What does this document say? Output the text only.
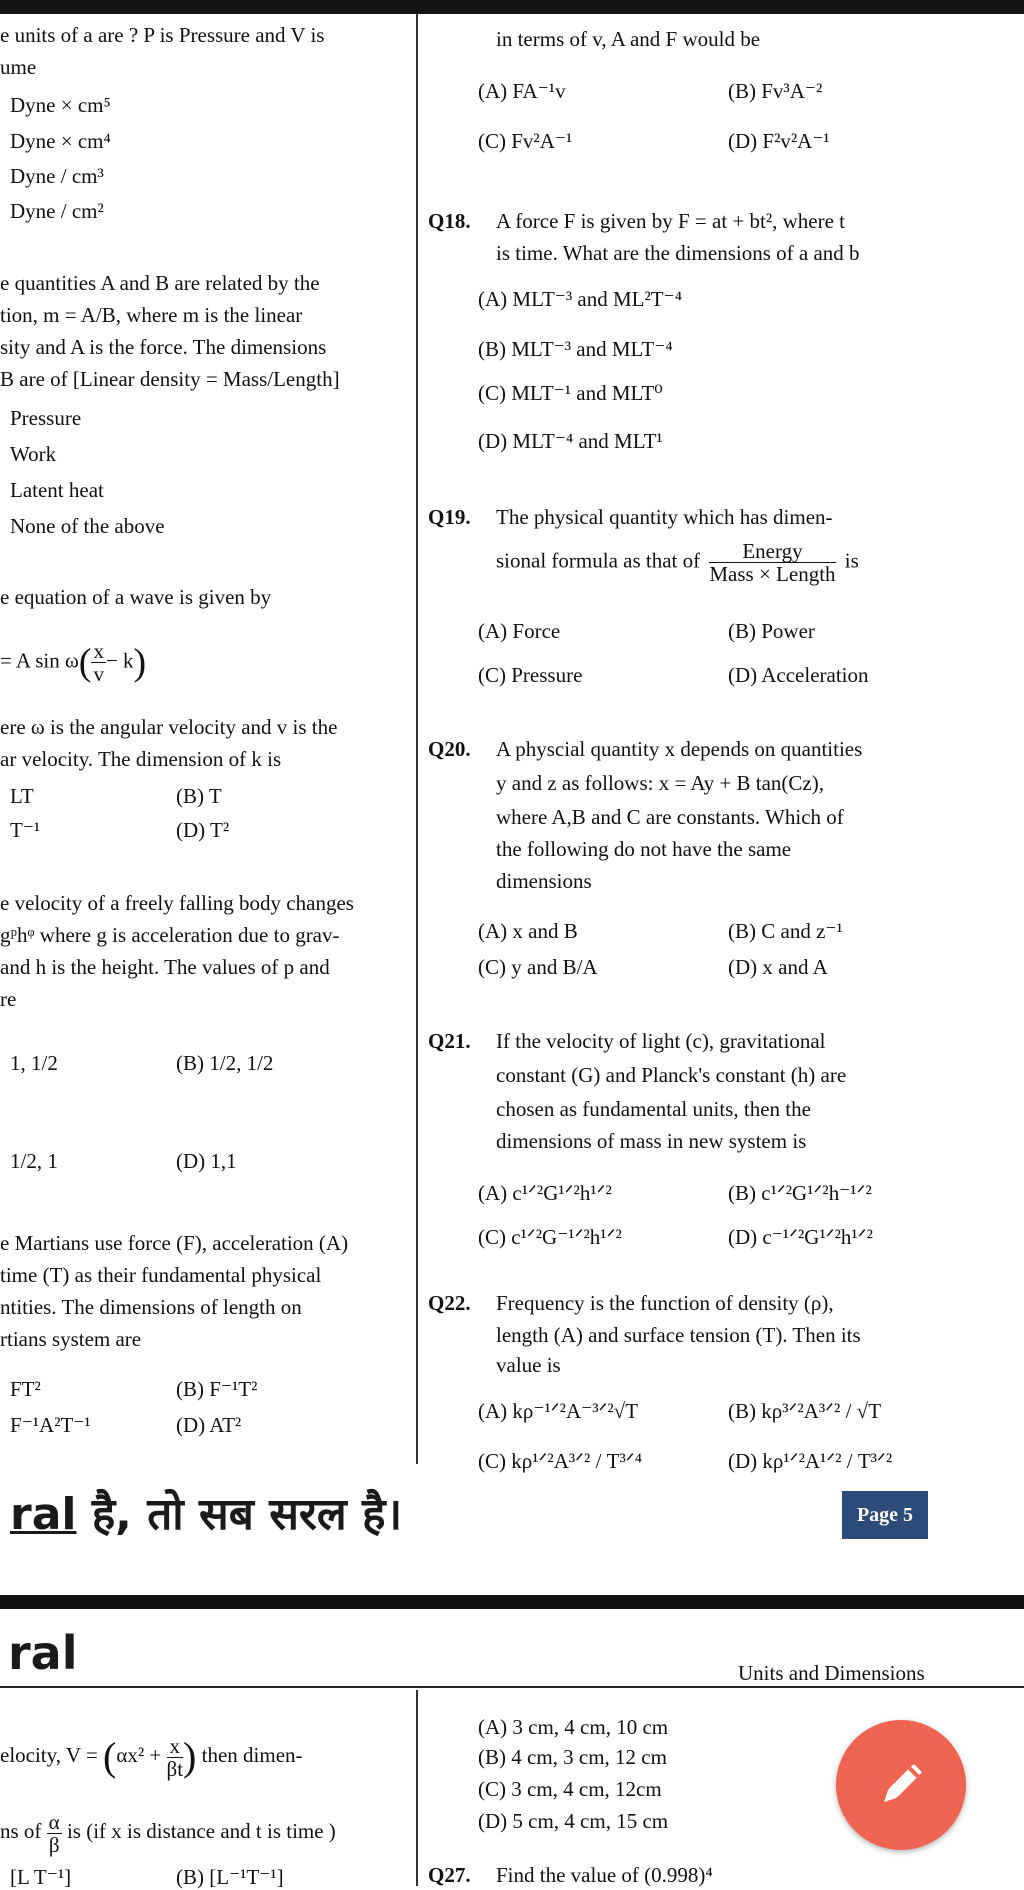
e units of a are ? P is Pressure and V is
ume
Dyne × cm⁵
Dyne × cm⁴
Dyne / cm³
Dyne / cm²
e quantities A and B are related by the
tion, m = A/B, where m is the linear
sity and A is the force. The dimensions
B are of [Linear density = Mass/Length]
Pressure
Work
Latent heat
None of the above
e equation of a wave is given by
= A $\sin \omega( \frac{x}{v} - k)$
ere ω is the angular velocity and v is the
ar velocity. The dimension of k is
LT	(B) T
T⁻¹	(D) T²
e velocity of a freely falling body changes
gᵖhᵠ where g is acceleration due to grav-
and h is the height. The values of p and
re
1, 1/2	(B) 1/2, 1/2
1/2, 1	(D) 1,1
e Martians use force (F), acceleration (A)
time (T) as their fundamental physical
ntities. The dimensions of length on
rtians system are
FT²	(B) F⁻¹T²
F⁻¹A²T⁻¹	(D) AT²
in terms of v, A and F would be
(A) FA⁻¹v	(B) Fv³A⁻²
(C) Fv²A⁻¹	(D) F²v²A⁻¹
Q18. A force F is given by F = at + bt², where t
is time. What are the dimensions of a and b
(A) MLT⁻³ and ML²T⁻⁴
(B) MLT⁻³ and MLT⁻⁴
(C) MLT⁻¹ and MLT⁰
(D) MLT⁻⁴ and MLT¹
Q19. The physical quantity which has dimen-
sional formula as that of $\frac{\text{Energy}}{\text{Mass × Length}}$ is
(A) Force	(B) Power
(C) Pressure	(D) Acceleration
Q20. A physcial quantity x depends on quantities
y and z as follows: x = Ay + B tan(Cz),
where A,B and C are constants. Which of
the following do not have the same
dimensions
(A) x and B	(B) C and z⁻¹
(C) y and B/A	(D) x and A
Q21. If the velocity of light (c), gravitational
constant (G) and Planck's constant (h) are
chosen as fundamental units, then the
dimensions of mass in new system is
(A) c¹ᐟ²G¹ᐟ²h¹ᐟ²	(B) c¹ᐟ²G¹ᐟ²h⁻¹ᐟ²
(C) c¹ᐟ²G⁻¹ᐟ²h¹ᐟ²	(D) c⁻¹ᐟ²G¹ᐟ²h¹ᐟ²
Q22. Frequency is the function of density (ρ),
length (A) and surface tension (T). Then its
value is
(A) kρ⁻¹ᐟ²A⁻³ᐟ²√T	(B) kρ³ᐟ²A³ᐟ² / √T
(C) kρ¹ᐟ²A³ᐟ² / T³ᐟ⁴	(D) kρ¹ᐟ²A¹ᐟ² / T³ᐟ²
ral है, तो सब सरल है।	Page 5
ral	Units and Dimensions
elocity, $V = (\alpha x^2 + \frac{x}{\beta t}$ ) then dimen-
ns of $\frac{\alpha}{\beta}$ is (if x is distance and t is time )
[L T⁻¹]	(B) [L⁻¹T⁻¹]
(A) 3 cm, 4 cm, 10 cm
(B) 4 cm, 3 cm, 12 cm
(C) 3 cm, 4 cm, 12cm
(D) 5 cm, 4 cm, 15 cm
Q27. Find the value of (0.998)⁴
